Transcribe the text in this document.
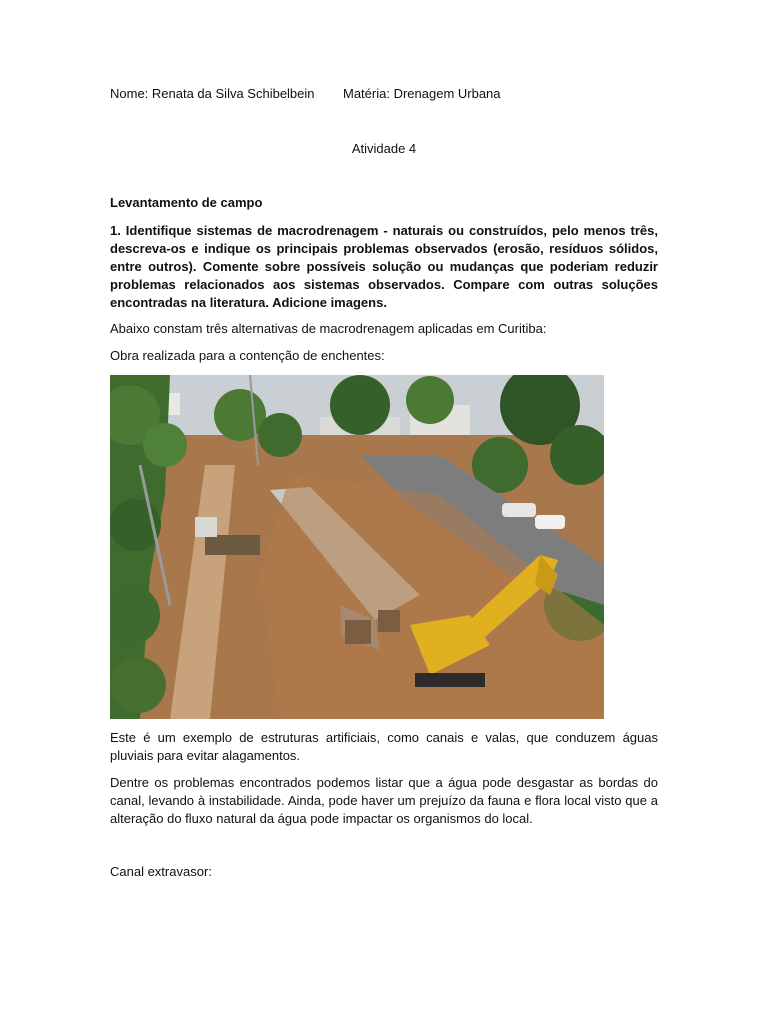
Nome: Renata da Silva Schibelbein Matéria: Drenagem Urbana
Atividade 4
Levantamento de campo
1. Identifique sistemas de macrodrenagem - naturais ou construídos, pelo menos três, descreva-os e indique os principais problemas observados (erosão, resíduos sólidos, entre outros). Comente sobre possíveis solução ou mudanças que poderiam reduzir problemas relacionados aos sistemas observados. Compare com outras soluções encontradas na literatura. Adicione imagens.
Abaixo constam três alternativas de macrodrenagem aplicadas em Curitiba:
Obra realizada para a contenção de enchentes:
Este é um exemplo de estruturas artificiais, como canais e valas, que conduzem águas pluviais para evitar alagamentos.
Dentre os problemas encontrados podemos listar que a água pode desgastar as bordas do canal, levando à instabilidade. Ainda, pode haver um prejuízo da fauna e flora local visto que a alteração do fluxo natural da água pode impactar os organismos do local.
Canal extravasor:
